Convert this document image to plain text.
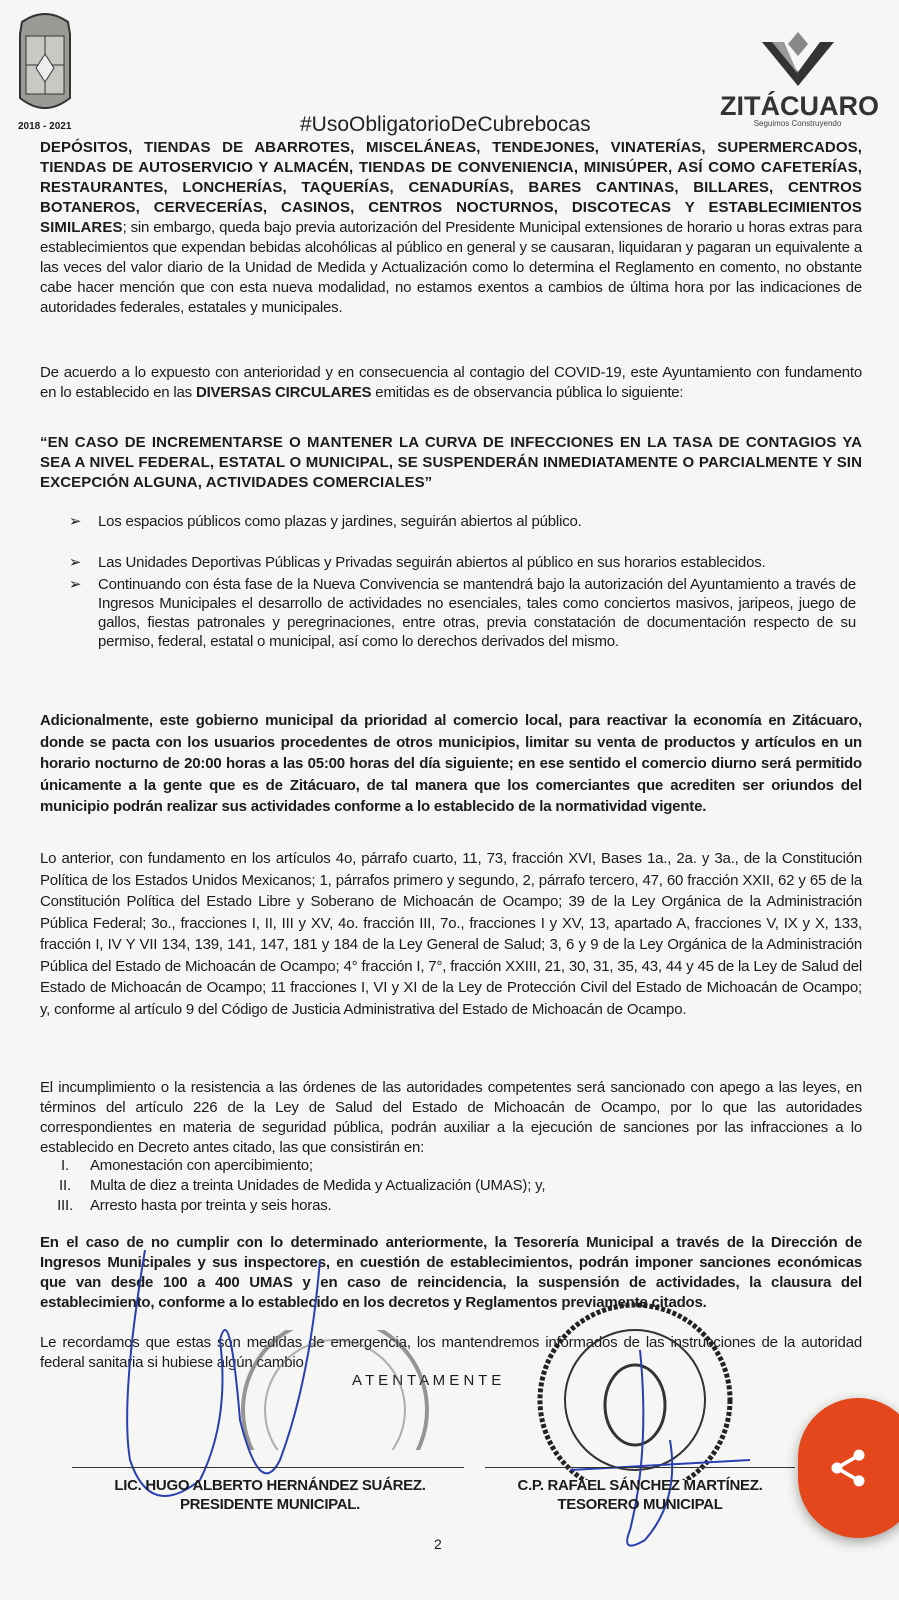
2018 - 2021	#UsoObligatorioDeCubrebocas
ZITÁCUARO
Seguimos Construyendo
DEPÓSITOS, TIENDAS DE ABARROTES, MISCELÁNEAS, TENDEJONES, VINATERÍAS, SUPERMERCADOS, TIENDAS DE AUTOSERVICIO Y ALMACÉN, TIENDAS DE CONVENIENCIA, MINISÚPER, ASÍ COMO CAFETERÍAS, RESTAURANTES, LONCHERÍAS, TAQUERÍAS, CENADURÍAS, BARES CANTINAS, BILLARES, CENTROS BOTANEROS, CERVECERÍAS, CASINOS, CENTROS NOCTURNOS, DISCOTECAS Y ESTABLECIMIENTOS SIMILARES; sin embargo, queda bajo previa autorización del Presidente Municipal extensiones de horario u horas extras para establecimientos que expendan bebidas alcohólicas al público en general y se causaran, liquidaran y pagaran un equivalente a las veces del valor diario de la Unidad de Medida y Actualización como lo determina el Reglamento en comento, no obstante cabe hacer mención que con esta nueva modalidad, no estamos exentos a cambios de última hora por las indicaciones de autoridades federales, estatales y municipales.
De acuerdo a lo expuesto con anterioridad y en consecuencia al contagio del COVID-19, este Ayuntamiento con fundamento en lo establecido en las DIVERSAS CIRCULARES emitidas es de observancia pública lo siguiente:
“EN CASO DE INCREMENTARSE O MANTENER LA CURVA DE INFECCIONES EN LA TASA DE CONTAGIOS YA SEA A NIVEL FEDERAL, ESTATAL O MUNICIPAL, SE SUSPENDERÁN INMEDIATAMENTE O PARCIALMENTE Y SIN EXCEPCIÓN ALGUNA, ACTIVIDADES COMERCIALES”
➢ Los espacios públicos como plazas y jardines, seguirán abiertos al público.
➢ Las Unidades Deportivas Públicas y Privadas seguirán abiertos al público en sus horarios establecidos.
➢ Continuando con ésta fase de la Nueva Convivencia se mantendrá bajo la autorización del Ayuntamiento a través de Ingresos Municipales el desarrollo de actividades no esenciales, tales como conciertos masivos, jaripeos, juego de gallos, fiestas patronales y peregrinaciones, entre otras, previa constatación de documentación respecto de su permiso, federal, estatal o municipal, así como lo derechos derivados del mismo.
Adicionalmente, este gobierno municipal da prioridad al comercio local, para reactivar la economía en Zitácuaro, donde se pacta con los usuarios procedentes de otros municipios, limitar su venta de productos y artículos en un horario nocturno de 20:00 horas a las 05:00 horas del día siguiente; en ese sentido el comercio diurno será permitido únicamente a la gente que es de Zitácuaro, de tal manera que los comerciantes que acrediten ser oriundos del municipio podrán realizar sus actividades conforme a lo establecido de la normatividad vigente.
Lo anterior, con fundamento en los artículos 4o, párrafo cuarto, 11, 73, fracción XVI, Bases 1a., 2a. y 3a., de la Constitución Política de los Estados Unidos Mexicanos; 1, párrafos primero y segundo, 2, párrafo tercero, 47, 60 fracción XXII, 62 y 65 de la Constitución Política del Estado Libre y Soberano de Michoacán de Ocampo; 39 de la Ley Orgánica de la Administración Pública Federal; 3o., fracciones I, II, III y XV, 4o. fracción III, 7o., fracciones I y XV, 13, apartado A, fracciones V, IX y X, 133, fracción I, IV Y VII 134, 139, 141, 147, 181 y 184 de la Ley General de Salud; 3, 6 y 9 de la Ley Orgánica de la Administración Pública del Estado de Michoacán de Ocampo; 4° fracción I, 7°, fracción XXIII, 21, 30, 31, 35, 43, 44 y 45 de la Ley de Salud del Estado de Michoacán de Ocampo; 11 fracciones I, VI y XI de la Ley de Protección Civil del Estado de Michoacán de Ocampo; y, conforme al artículo 9 del Código de Justicia Administrativa del Estado de Michoacán de Ocampo.
El incumplimiento o la resistencia a las órdenes de las autoridades competentes será sancionado con apego a las leyes, en términos del artículo 226 de la Ley de Salud del Estado de Michoacán de Ocampo, por lo que las autoridades correspondientes en materia de seguridad pública, podrán auxiliar a la ejecución de sanciones por las infracciones a lo establecido en Decreto antes citado, las que consistirán en:
I.	Amonestación con apercibimiento;
II.	Multa de diez a treinta Unidades de Medida y Actualización (UMAS); y,
III.	Arresto hasta por treinta y seis horas.
En el caso de no cumplir con lo determinado anteriormente, la Tesorería Municipal a través de la Dirección de Ingresos Municipales y sus inspectores, en cuestión de establecimientos, podrán imponer sanciones económicas que van desde 100 a 400 UMAS y en caso de reincidencia, la suspensión de actividades, la clausura del establecimiento, conforme a lo establecido en los decretos y Reglamentos previamente citados.
Le recordamos que estas son medidas de emergencia, los mantendremos informados de las instrucciones de la autoridad federal sanitaria si hubiese algún cambio.
A T E N T A M E N T E
LIC. HUGO ALBERTO HERNÁNDEZ SUÁREZ.
PRESIDENTE MUNICIPAL.
C.P. RAFAEL SÁNCHEZ MARTÍNEZ.
TESORERO MUNICIPAL
2
